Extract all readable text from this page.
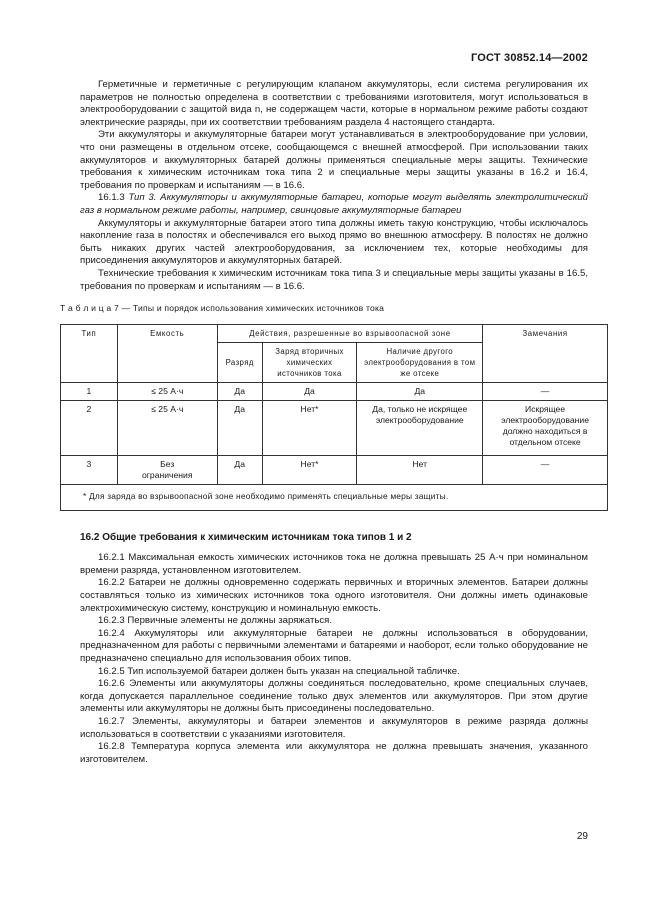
ГОСТ 30852.14—2002

Герметичные и герметичные с регулирующим клапаном аккумуляторы, если система регулирования их параметров не полностью определена в соответствии с требованиями изготовителя, могут использоваться в электрооборудовании с защитой вида n, не содержащем части, которые в нормальном режиме работы создают электрические разряды, при их соответствии требованиям раздела 4 настоящего стандарта.

Эти аккумуляторы и аккумуляторные батареи могут устанавливаться в электрооборудование при условии, что они размещены в отдельном отсеке, сообщающемся с внешней атмосферой. При использовании таких аккумуляторов и аккумуляторных батарей должны применяться специальные меры защиты. Технические требования к химическим источникам тока типа 2 и специальные меры защиты указаны в 16.2 и 16.4, требования по проверкам и испытаниям — в 16.6.

16.1.3 Тип 3. Аккумуляторы и аккумуляторные батареи, которые могут выделять электролитический газ в нормальном режиме работы, например, свинцовые аккумуляторные батареи

Аккумуляторы и аккумуляторные батареи этого типа должны иметь такую конструкцию, чтобы исключалось накопление газа в полостях и обеспечивался его выход прямо во внешнюю атмосферу. В полостях не должно быть никаких других частей электрооборудования, за исключением тех, которые необходимы для присоединения аккумуляторов и аккумуляторных батарей.

Технические требования к химическим источникам тока типа 3 и специальные меры защиты указаны в 16.5, требования по проверкам и испытаниям — в 16.6.

Т а б л и ц а 7 — Типы и порядок использования химических источников тока
Тип	Емкость	Действия, разрешенные во взрывоопасной зоне			Замечания
		Разряд	Заряд вторичных химических источников тока	Наличие другого электрооборудования в том же отсеке	
1	≤ 25 А·ч	Да	Да	Да	—
2	≤ 25 А·ч	Да	Нет*	Да, только не искрящее электрооборудование	Искрящее электрооборудование должно находиться в отдельном отсеке
3	Без ограничения	Да	Нет*	Нет	—
* Для заряда во взрывоопасной зоне необходимо применять специальные меры защиты.					
16.2 Общие требования к химическим источникам тока типов 1 и 2

16.2.1 Максимальная емкость химических источников тока не должна превышать 25 А·ч при номинальном времени разряда, установленном изготовителем.

16.2.2 Батареи не должны одновременно содержать первичных и вторичных элементов. Батареи должны составляться только из химических источников тока одного изготовителя. Они должны иметь одинаковые электрохимическую систему, конструкцию и номинальную емкость.

16.2.3 Первичные элементы не должны заряжаться.

16.2.4 Аккумуляторы или аккумуляторные батареи не должны использоваться в оборудовании, предназначенном для работы с первичными элементами и батареями и наоборот, если только оборудование не предназначено специально для использования обоих типов.

16.2.5 Тип используемой батареи должен быть указан на специальной табличке.

16.2.6 Элементы или аккумуляторы должны соединяться последовательно, кроме специальных случаев, когда допускается параллельное соединение только двух элементов или аккумуляторов. При этом другие элементы или аккумуляторы не должны быть присоединены последовательно.

16.2.7 Элементы, аккумуляторы и батареи элементов и аккумуляторов в режиме разряда должны использоваться в соответствии с указаниями изготовителя.

16.2.8 Температура корпуса элемента или аккумулятора не должна превышать значения, указанного изготовителем.

29
